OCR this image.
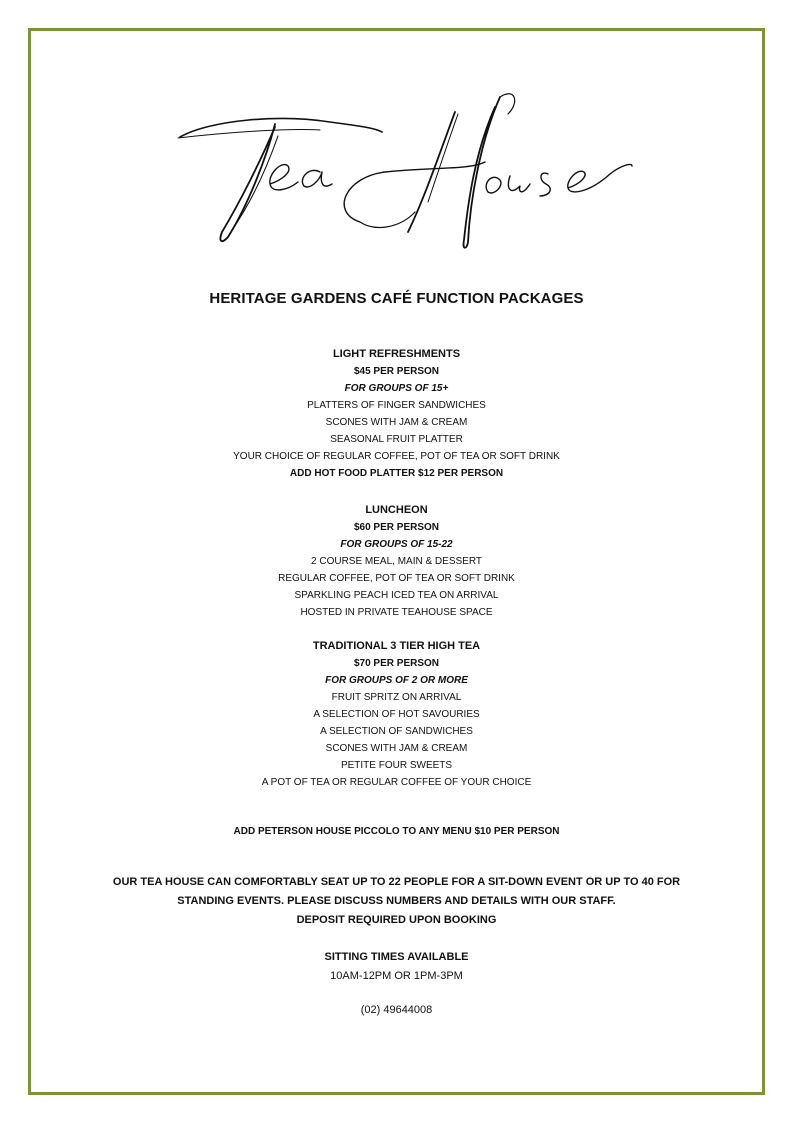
HERITAGE GARDENS CAFÉ FUNCTION PACKAGES
LIGHT REFRESHMENTS
$45 PER PERSON
FOR GROUPS OF 15+
PLATTERS OF FINGER SANDWICHES
SCONES WITH JAM & CREAM
SEASONAL FRUIT PLATTER
YOUR CHOICE OF REGULAR COFFEE, POT OF TEA OR SOFT DRINK
ADD HOT FOOD PLATTER $12 PER PERSON
LUNCHEON
$60 PER PERSON
FOR GROUPS OF 15-22
2 COURSE MEAL, MAIN & DESSERT
REGULAR COFFEE, POT OF TEA OR SOFT DRINK
SPARKLING PEACH ICED TEA ON ARRIVAL
HOSTED IN PRIVATE TEAHOUSE SPACE
TRADITIONAL 3 TIER HIGH TEA
$70 PER PERSON
FOR GROUPS OF 2 OR MORE
FRUIT SPRITZ ON ARRIVAL
A SELECTION OF HOT SAVOURIES
A SELECTION OF SANDWICHES
SCONES WITH JAM & CREAM
PETITE FOUR SWEETS
A POT OF TEA OR REGULAR COFFEE OF YOUR CHOICE
ADD PETERSON HOUSE PICCOLO TO ANY MENU $10 PER PERSON
OUR TEA HOUSE CAN COMFORTABLY SEAT UP TO 22 PEOPLE FOR A SIT-DOWN EVENT OR UP TO 40 FOR
STANDING EVENTS. PLEASE DISCUSS NUMBERS AND DETAILS WITH OUR STAFF.
DEPOSIT REQUIRED UPON BOOKING
SITTING TIMES AVAILABLE
10AM-12PM OR 1PM-3PM
(02) 49644008
